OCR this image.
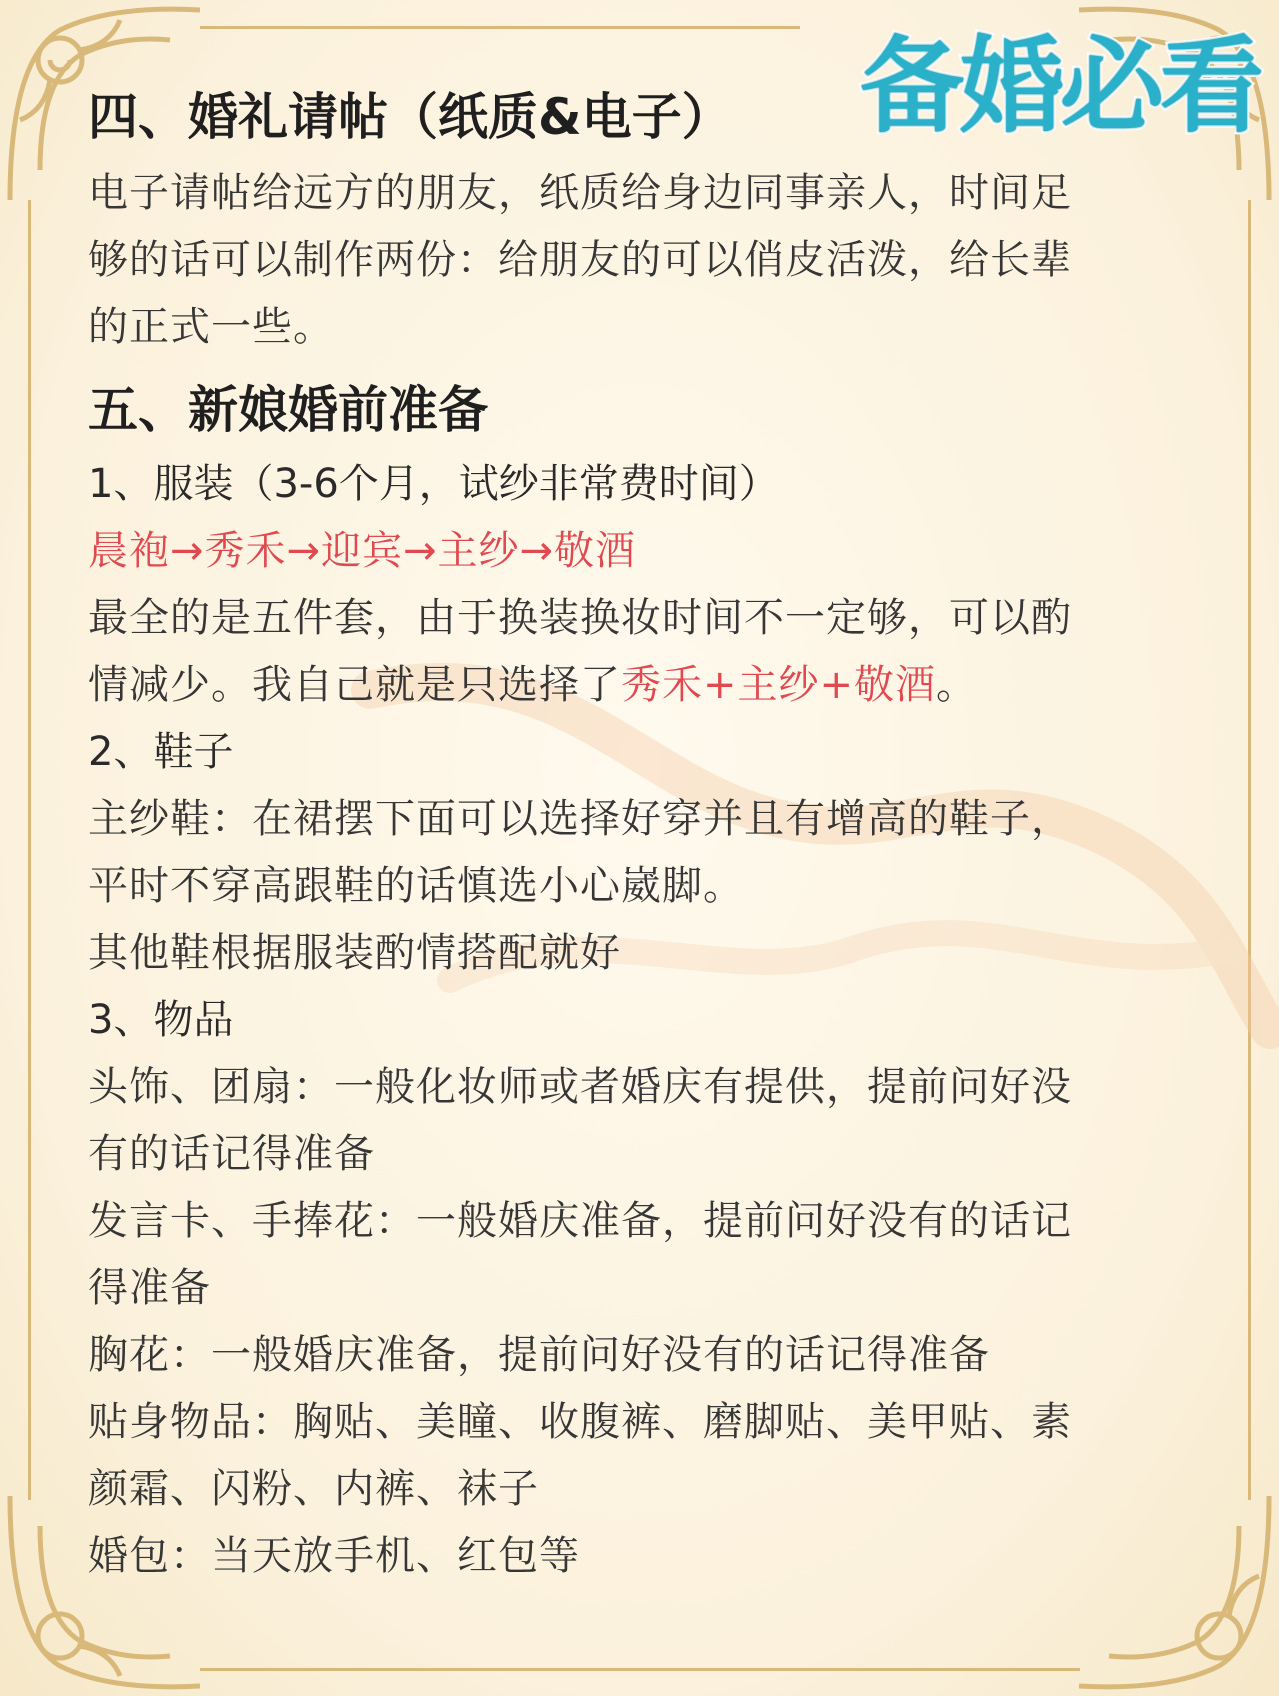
备婚必看
四、婚礼请帖（纸质&电子）
电子请帖给远方的朋友，纸质给身边同事亲人，时间足
够的话可以制作两份：给朋友的可以俏皮活泼，给长辈
的正式一些。
五、新娘婚前准备
1、服装（3-6个月，试纱非常费时间）
晨袍→秀禾→迎宾→主纱→敬酒
最全的是五件套，由于换装换妆时间不一定够，可以酌
情减少。我自己就是只选择了秀禾+主纱+敬酒。
2、鞋子
主纱鞋：在裙摆下面可以选择好穿并且有增高的鞋子，
平时不穿高跟鞋的话慎选小心崴脚。
其他鞋根据服装酌情搭配就好
3、物品
头饰、团扇：一般化妆师或者婚庆有提供，提前问好没
有的话记得准备
发言卡、手捧花：一般婚庆准备，提前问好没有的话记
得准备
胸花：一般婚庆准备，提前问好没有的话记得准备
贴身物品：胸贴、美瞳、收腹裤、磨脚贴、美甲贴、素
颜霜、闪粉、内裤、袜子
婚包：当天放手机、红包等
